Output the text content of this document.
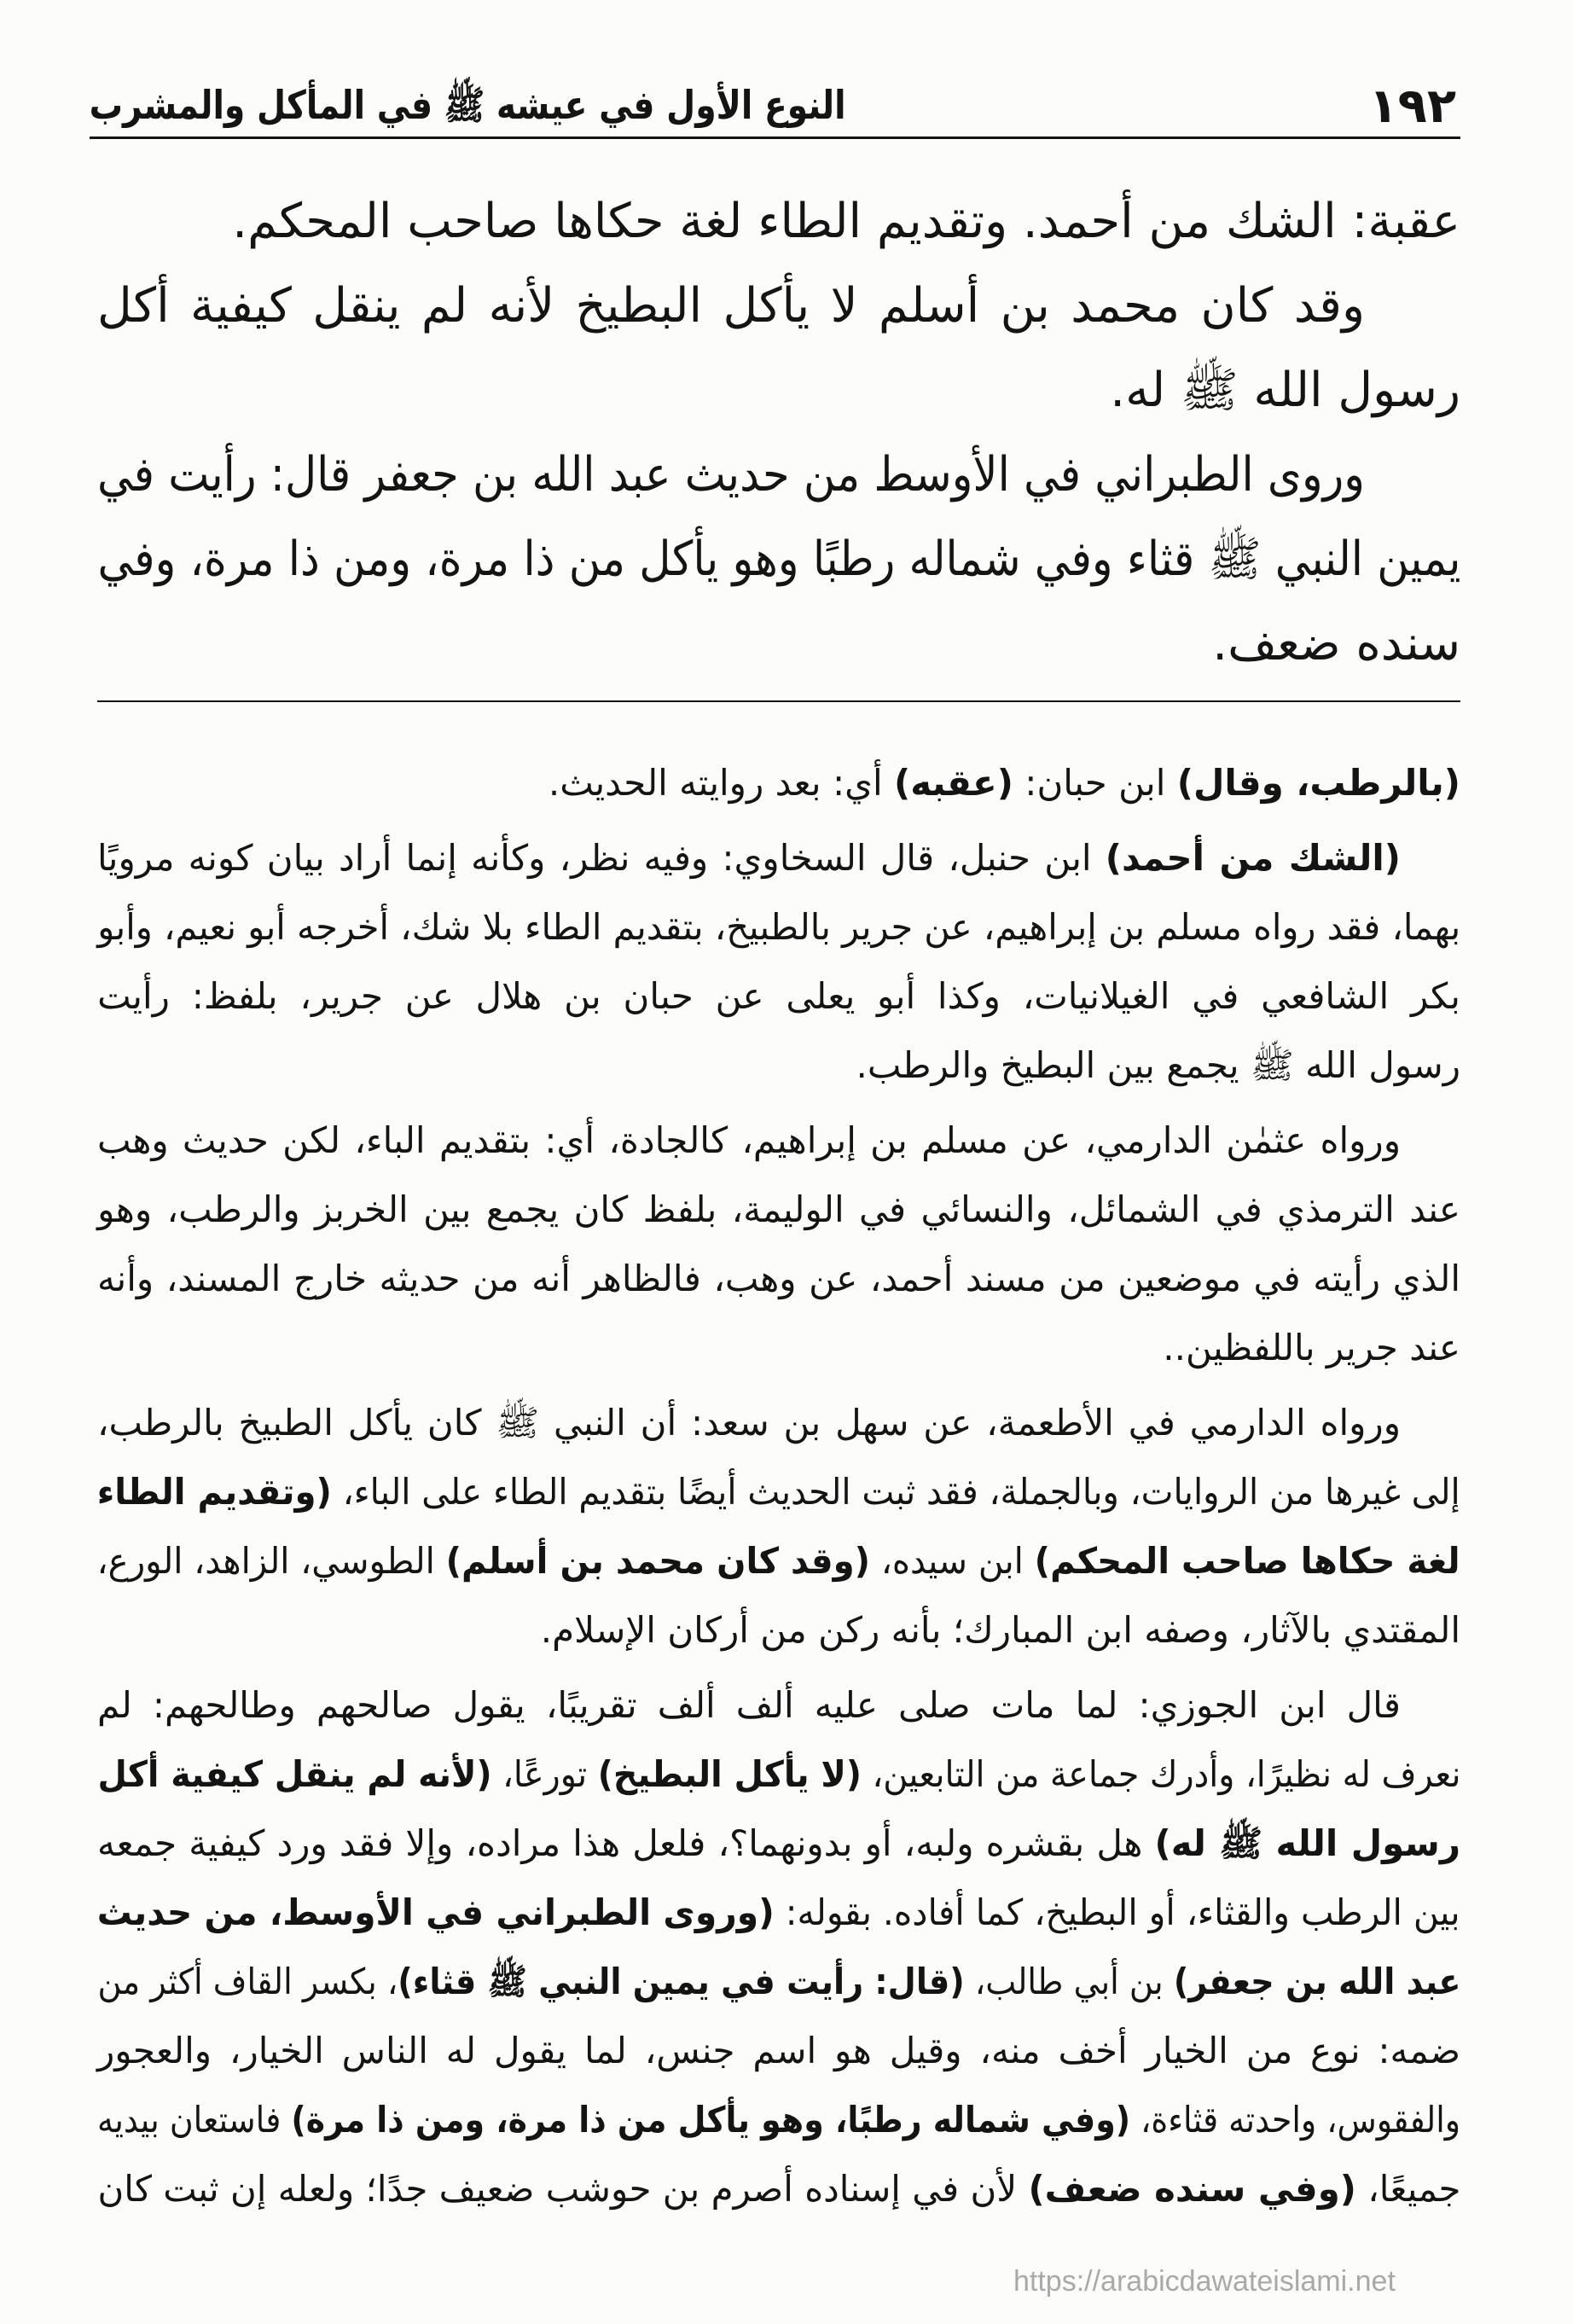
١٩٢
النوع الأول في عيشه ﷺ في المأكل والمشرب
عقبة: الشك من أحمد. وتقديم الطاء لغة حكاها صاحب المحكم.
وقد كان محمد بن أسلم لا يأكل البطيخ لأنه لم ينقل كيفية أكل
رسول الله ﷺ له.
وروى الطبراني في الأوسط من حديث عبد الله بن جعفر قال: رأيت في
يمين النبي ﷺ قثاء وفي شماله رطبًا وهو يأكل من ذا مرة، ومن ذا مرة، وفي
سنده ضعف.
(بالرطب، وقال) ابن حبان: (عقبه) أي: بعد روايته الحديث.
(الشك من أحمد) ابن حنبل، قال السخاوي: وفيه نظر، وكأنه إنما أراد بيان كونه مرويًا
بهما، فقد رواه مسلم بن إبراهيم، عن جرير بالطبيخ، بتقديم الطاء بلا شك، أخرجه أبو نعيم، وأبو
بكر الشافعي في الغيلانيات، وكذا أبو يعلى عن حبان بن هلال عن جرير، بلفظ: رأيت
رسول الله ﷺ يجمع بين البطيخ والرطب.
ورواه عثمٰن الدارمي، عن مسلم بن إبراهيم، كالجادة، أي: بتقديم الباء، لكن حديث وهب
عند الترمذي في الشمائل، والنسائي في الوليمة، بلفظ كان يجمع بين الخربز والرطب، وهو
الذي رأيته في موضعين من مسند أحمد، عن وهب، فالظاهر أنه من حديثه خارج المسند، وأنه
عند جرير باللفظين..
ورواه الدارمي في الأطعمة، عن سهل بن سعد: أن النبي ﷺ كان يأكل الطبيخ بالرطب،
إلى غيرها من الروايات، وبالجملة، فقد ثبت الحديث أيضًا بتقديم الطاء على الباء، (وتقديم الطاء
لغة حكاها صاحب المحكم) ابن سيده، (وقد كان محمد بن أسلم) الطوسي، الزاهد، الورع،
المقتدي بالآثار، وصفه ابن المبارك؛ بأنه ركن من أركان الإسلام.
قال ابن الجوزي: لما مات صلى عليه ألف ألف تقريبًا، يقول صالحهم وطالحهم: لم
نعرف له نظيرًا، وأدرك جماعة من التابعين، (لا يأكل البطيخ) تورعًا، (لأنه لم ينقل كيفية أكل
رسول الله ﷺ له) هل بقشره ولبه، أو بدونهما؟، فلعل هذا مراده، وإلا فقد ورد كيفية جمعه
بين الرطب والقثاء، أو البطيخ، كما أفاده. بقوله: (وروى الطبراني في الأوسط، من حديث
عبد الله بن جعفر) بن أبي طالب، (قال: رأيت في يمين النبي ﷺ قثاء)، بكسر القاف أكثر من
ضمه: نوع من الخيار أخف منه، وقيل هو اسم جنس، لما يقول له الناس الخيار، والعجور
والفقوس، واحدته قثاءة، (وفي شماله رطبًا، وهو يأكل من ذا مرة، ومن ذا مرة) فاستعان بيديه
جميعًا، (وفي سنده ضعف) لأن في إسناده أصرم بن حوشب ضعيف جدًا؛ ولعله إن ثبت كان
https://arabicdawateislami.net
